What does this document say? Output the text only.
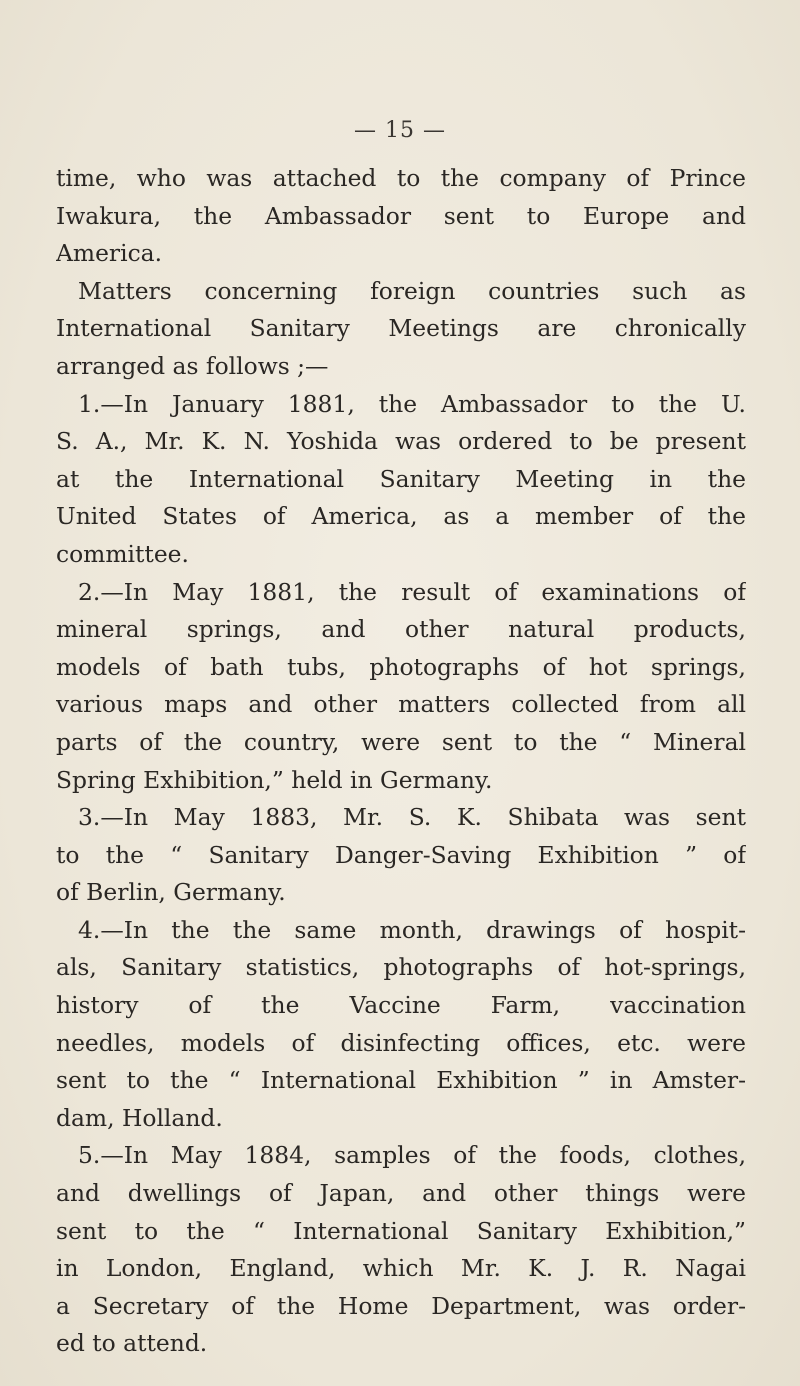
— 15 —
time, who was attached to the company of Prince
Iwakura, the Ambassador sent to Europe and
America.
Matters concerning foreign countries such as
International Sanitary Meetings are chronically
arranged as follows ;—
1.—In January 1881, the Ambassador to the U.
S. A., Mr. K. N. Yoshida was ordered to be present
at the International Sanitary Meeting in the
United States of America, as a member of the
committee.
2.—In May 1881, the result of examinations of
mineral springs, and other natural products,
models of bath tubs, photographs of hot springs,
various maps and other matters collected from all
parts of the country, were sent to the “ Mineral
Spring Exhibition,” held in Germany.
3.—In May 1883, Mr. S. K. Shibata was sent
to the “ Sanitary Danger-Saving Exhibition ” of
of Berlin, Germany.
4.—In the the same month, drawings of hospit-
als, Sanitary statistics, photographs of hot-springs,
history of the Vaccine Farm, vaccination
needles, models of disinfecting offices, etc. were
sent to the “ International Exhibition ” in Amster-
dam, Holland.
5.—In May 1884, samples of the foods, clothes,
and dwellings of Japan, and other things were
sent to the “ International Sanitary Exhibition,”
in London, England, which Mr. K. J. R. Nagai
a Secretary of the Home Department, was order-
ed to attend.
